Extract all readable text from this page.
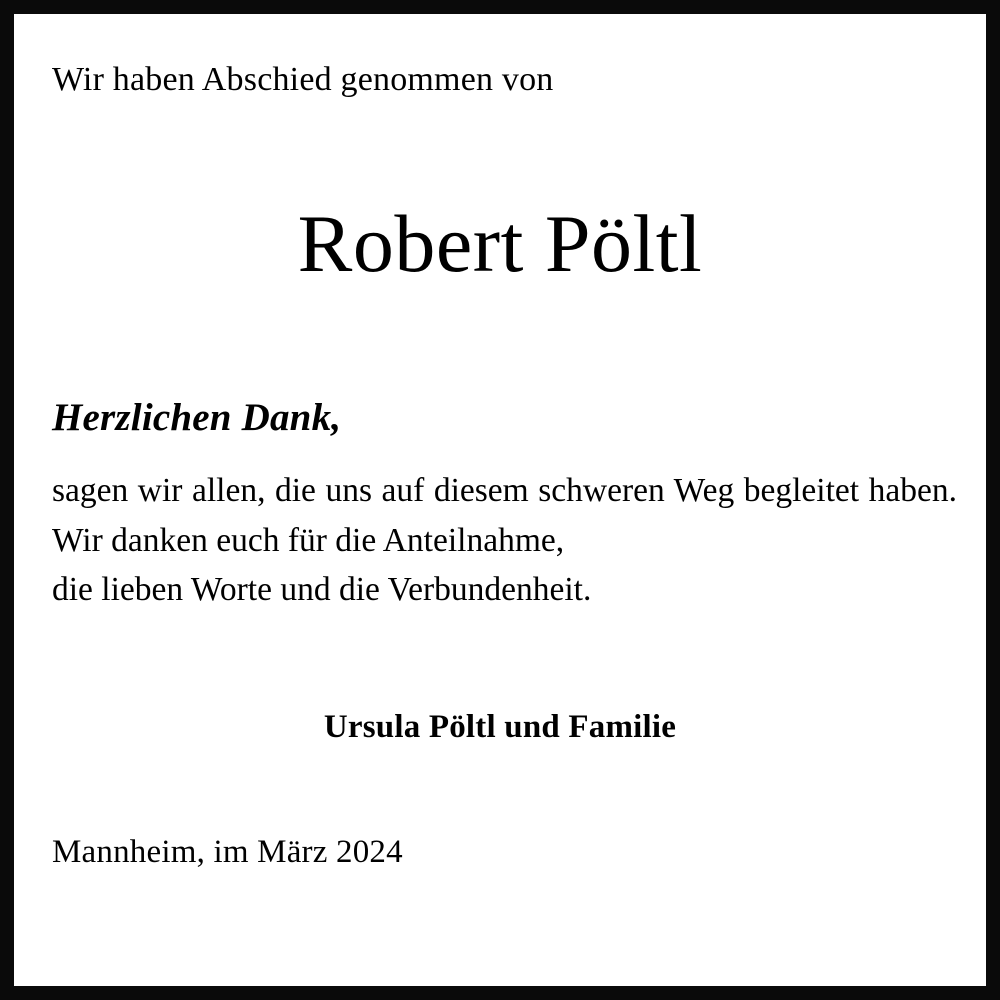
Wir haben Abschied genommen von
Robert Pöltl
Herzlichen Dank,
sagen wir allen, die uns auf diesem schweren Weg begleitet haben. Wir danken euch für die Anteilnahme,
die lieben Worte und die Verbundenheit.
Ursula Pöltl und Familie
Mannheim, im März 2024
